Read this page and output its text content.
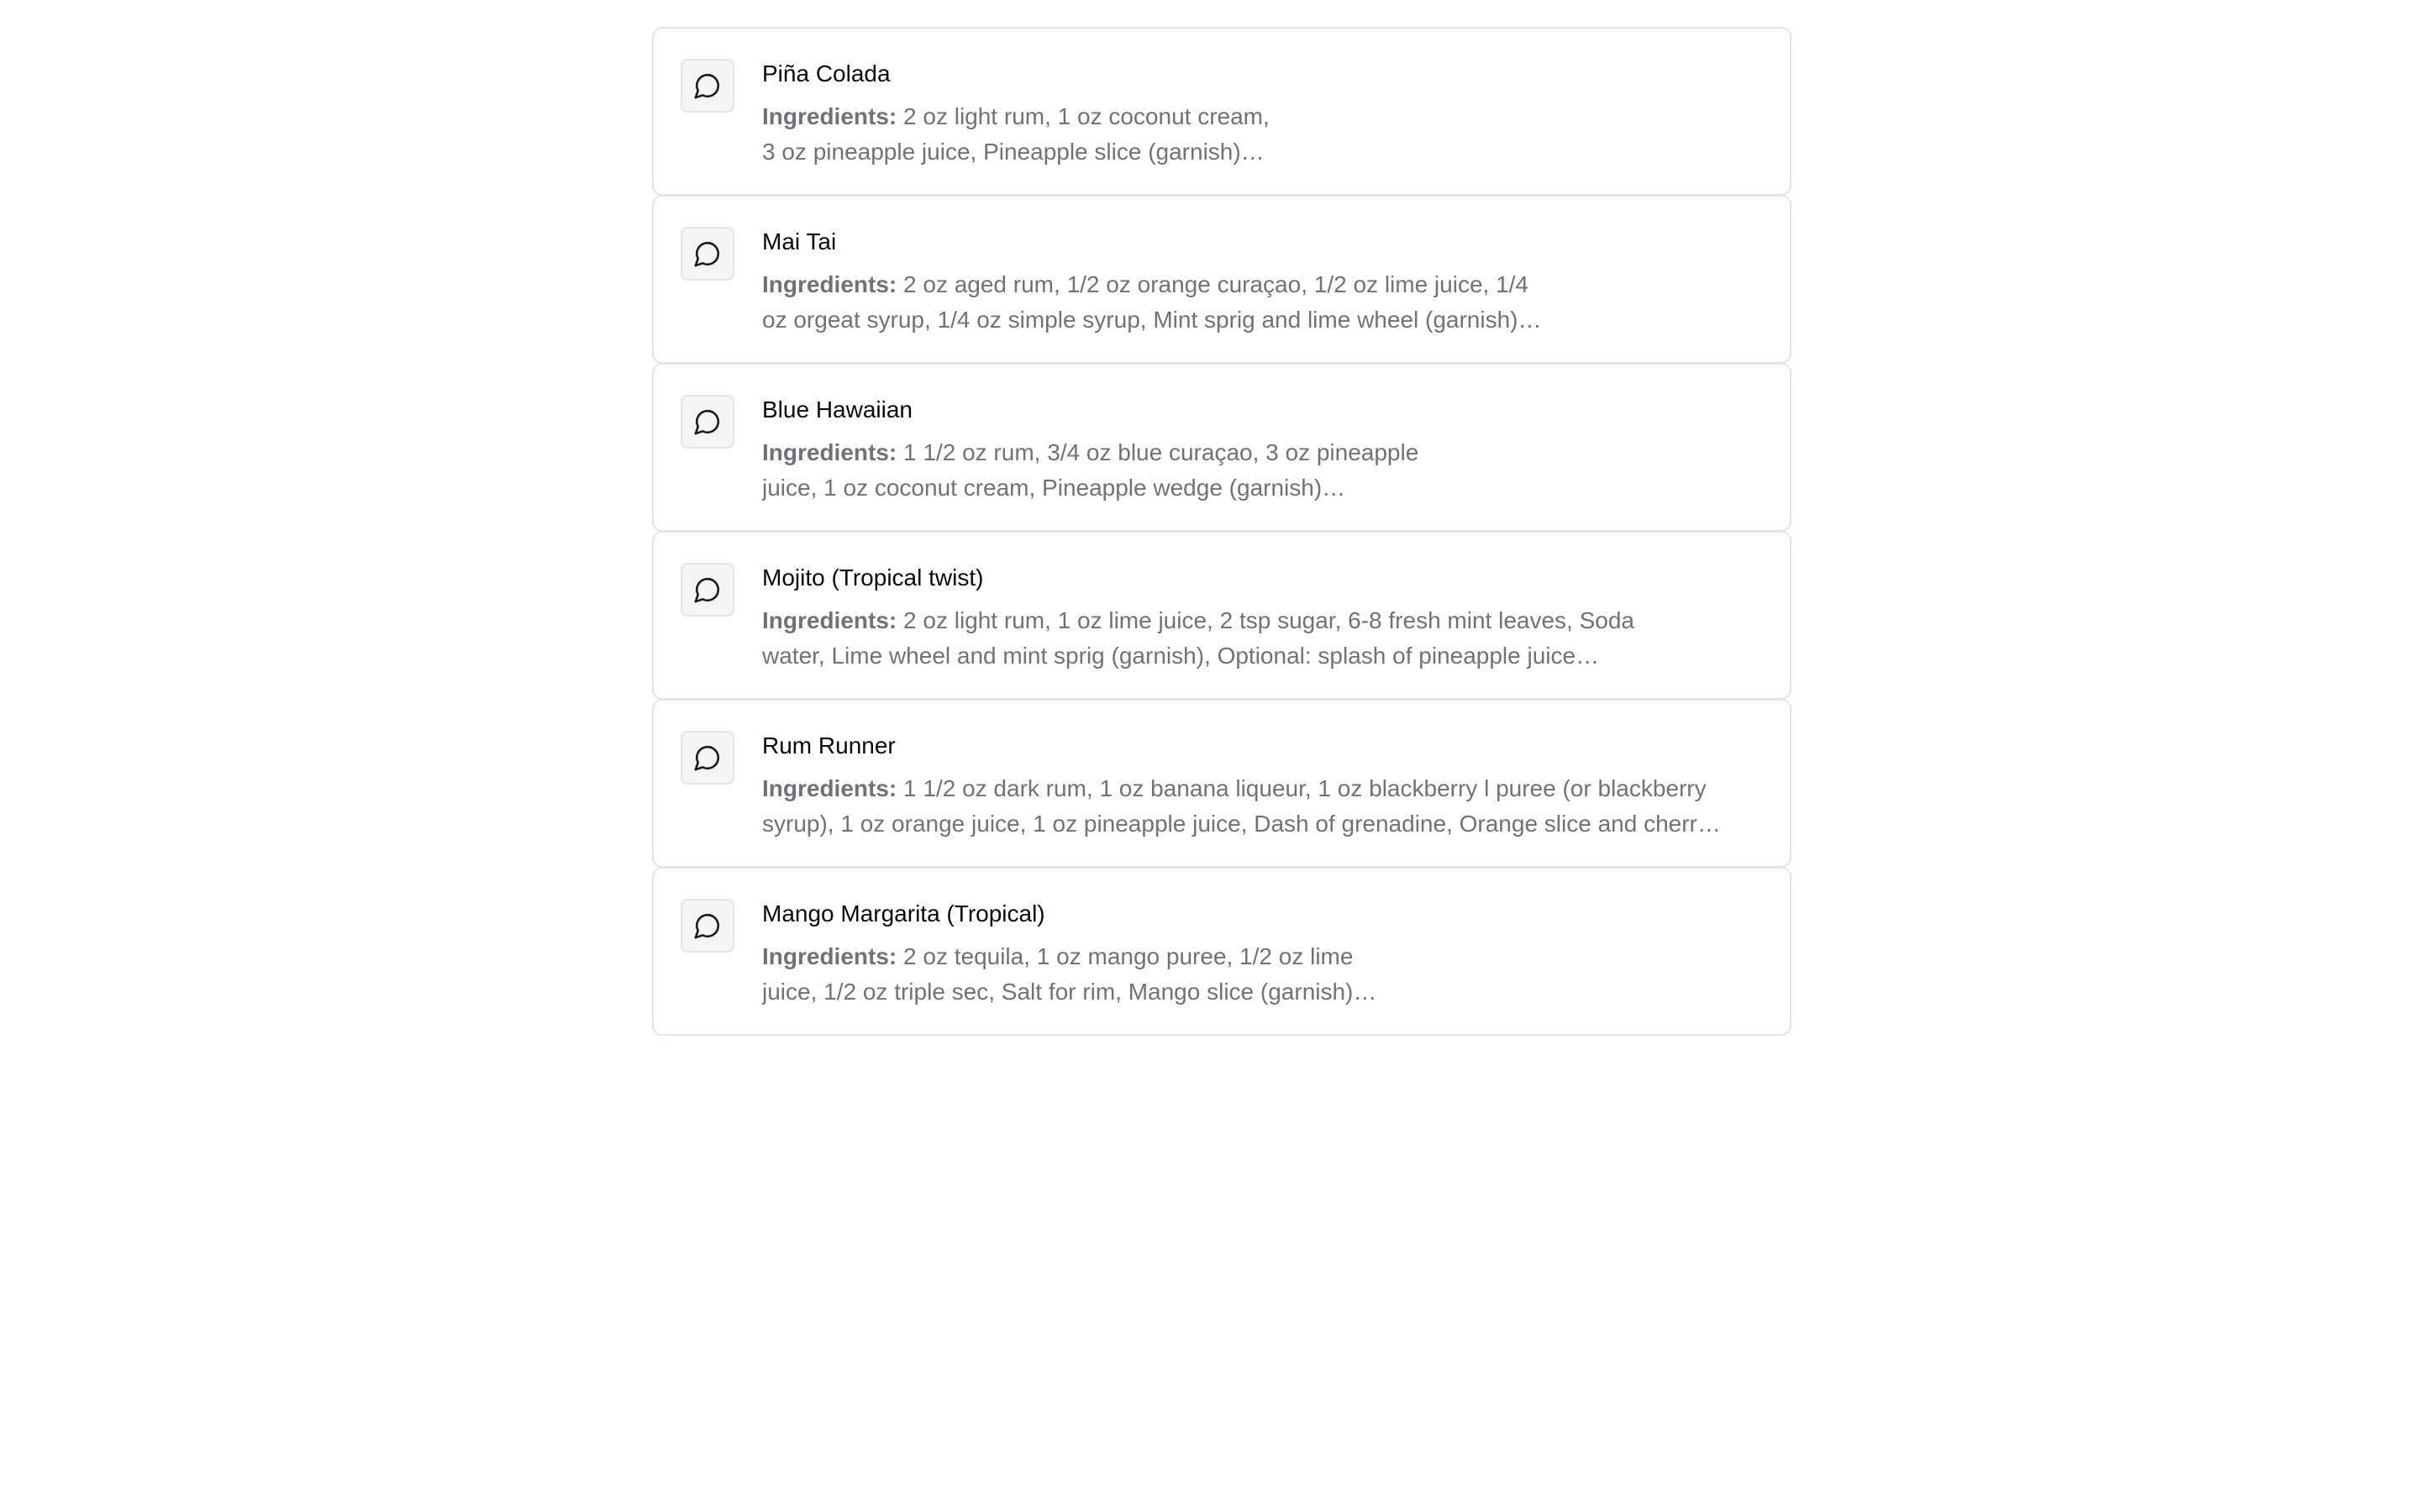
Piña Colada
Ingredients: 2 oz light rum, 1 oz coconut cream,
3 oz pineapple juice, Pineapple slice (garnish)…
Mai Tai
Ingredients: 2 oz aged rum, 1/2 oz orange curaçao, 1/2 oz lime juice, 1/4
oz orgeat syrup, 1/4 oz simple syrup, Mint sprig and lime wheel (garnish)…
Blue Hawaiian
Ingredients: 1 1/2 oz rum, 3/4 oz blue curaçao, 3 oz pineapple
juice, 1 oz coconut cream, Pineapple wedge (garnish)…
Mojito (Tropical twist)
Ingredients: 2 oz light rum, 1 oz lime juice, 2 tsp sugar, 6-8 fresh mint leaves, Soda
water, Lime wheel and mint sprig (garnish), Optional: splash of pineapple juice…
Rum Runner
Ingredients: 1 1/2 oz dark rum, 1 oz banana liqueur, 1 oz blackberry l puree (or blackberry
syrup), 1 oz orange juice, 1 oz pineapple juice, Dash of grenadine, Orange slice and cherr…
Mango Margarita (Tropical)
Ingredients: 2 oz tequila, 1 oz mango puree, 1/2 oz lime
juice, 1/2 oz triple sec, Salt for rim, Mango slice (garnish)…
